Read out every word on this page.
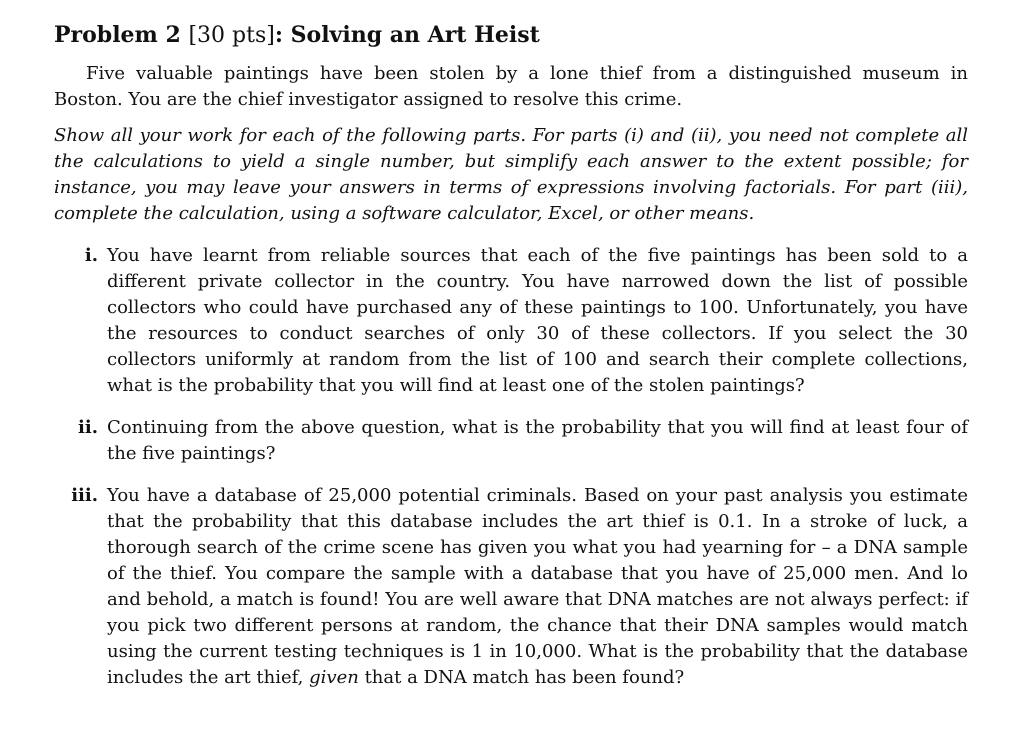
Problem 2 [30 pts]: Solving an Art Heist

Five valuable paintings have been stolen by a lone thief from a distinguished museum in Boston. You are the chief investigator assigned to resolve this crime.

Show all your work for each of the following parts. For parts (i) and (ii), you need not complete all the calculations to yield a single number, but simplify each answer to the extent possible; for instance, you may leave your answers in terms of expressions involving factorials. For part (iii), complete the calculation, using a software calculator, Excel, or other means.

i. You have learnt from reliable sources that each of the five paintings has been sold to a different private collector in the country. You have narrowed down the list of possible collectors who could have purchased any of these paintings to 100. Unfortunately, you have the resources to conduct searches of only 30 of these collectors. If you select the 30 collectors uniformly at random from the list of 100 and search their complete collections, what is the probability that you will find at least one of the stolen paintings?
ii. Continuing from the above question, what is the probability that you will find at least four of the five paintings?
iii. You have a database of 25,000 potential criminals. Based on your past analysis you estimate that the probability that this database includes the art thief is 0.1. In a stroke of luck, a thorough search of the crime scene has given you what you had yearning for – a DNA sample of the thief. You compare the sample with a database that you have of 25,000 men. And lo and behold, a match is found! You are well aware that DNA matches are not always perfect: if you pick two different persons at random, the chance that their DNA samples would match using the current testing techniques is 1 in 10,000. What is the probability that the database includes the art thief, given that a DNA match has been found?
